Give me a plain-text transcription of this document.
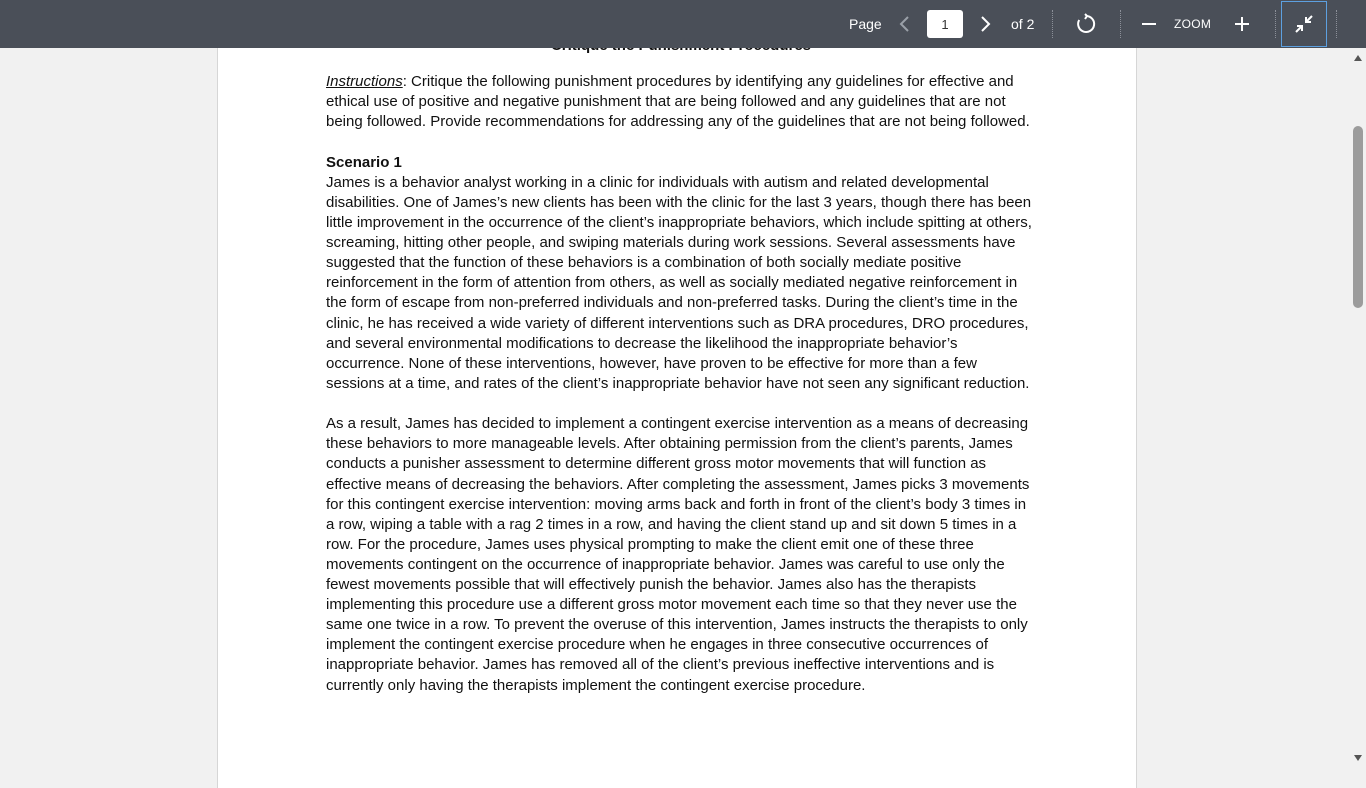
Page
1	of 2	ZOOM

Instructions: Critique the following punishment procedures by identifying any guidelines for effective and ethical use of positive and negative punishment that are being followed and any guidelines that are not being followed. Provide recommendations for addressing any of the guidelines that are not being followed.

Scenario 1
James is a behavior analyst working in a clinic for individuals with autism and related developmental disabilities. One of James’s new clients has been with the clinic for the last 3 years, though there has been little improvement in the occurrence of the client’s inappropriate behaviors, which include spitting at others, screaming, hitting other people, and swiping materials during work sessions. Several assessments have suggested that the function of these behaviors is a combination of both socially mediate positive reinforcement in the form of attention from others, as well as socially mediated negative reinforcement in the form of escape from non-preferred individuals and non-preferred tasks. During the client’s time in the clinic, he has received a wide variety of different interventions such as DRA procedures, DRO procedures, and several environmental modifications to decrease the likelihood the inappropriate behavior’s occurrence. None of these interventions, however, have proven to be effective for more than a few sessions at a time, and rates of the client’s inappropriate behavior have not seen any significant reduction.

As a result, James has decided to implement a contingent exercise intervention as a means of decreasing these behaviors to more manageable levels. After obtaining permission from the client’s parents, James conducts a punisher assessment to determine different gross motor movements that will function as effective means of decreasing the behaviors. After completing the assessment, James picks 3 movements for this contingent exercise intervention: moving arms back and forth in front of the client’s body 3 times in a row, wiping a table with a rag 2 times in a row, and having the client stand up and sit down 5 times in a row. For the procedure, James uses physical prompting to make the client emit one of these three movements contingent on the occurrence of inappropriate behavior. James was careful to use only the fewest movements possible that will effectively punish the behavior. James also has the therapists implementing this procedure use a different gross motor movement each time so that they never use the same one twice in a row. To prevent the overuse of this intervention, James instructs the therapists to only implement the contingent exercise procedure when he engages in three consecutive occurrences of inappropriate behavior. James has removed all of the client’s previous ineffective interventions and is currently only having the therapists implement the contingent exercise procedure.
